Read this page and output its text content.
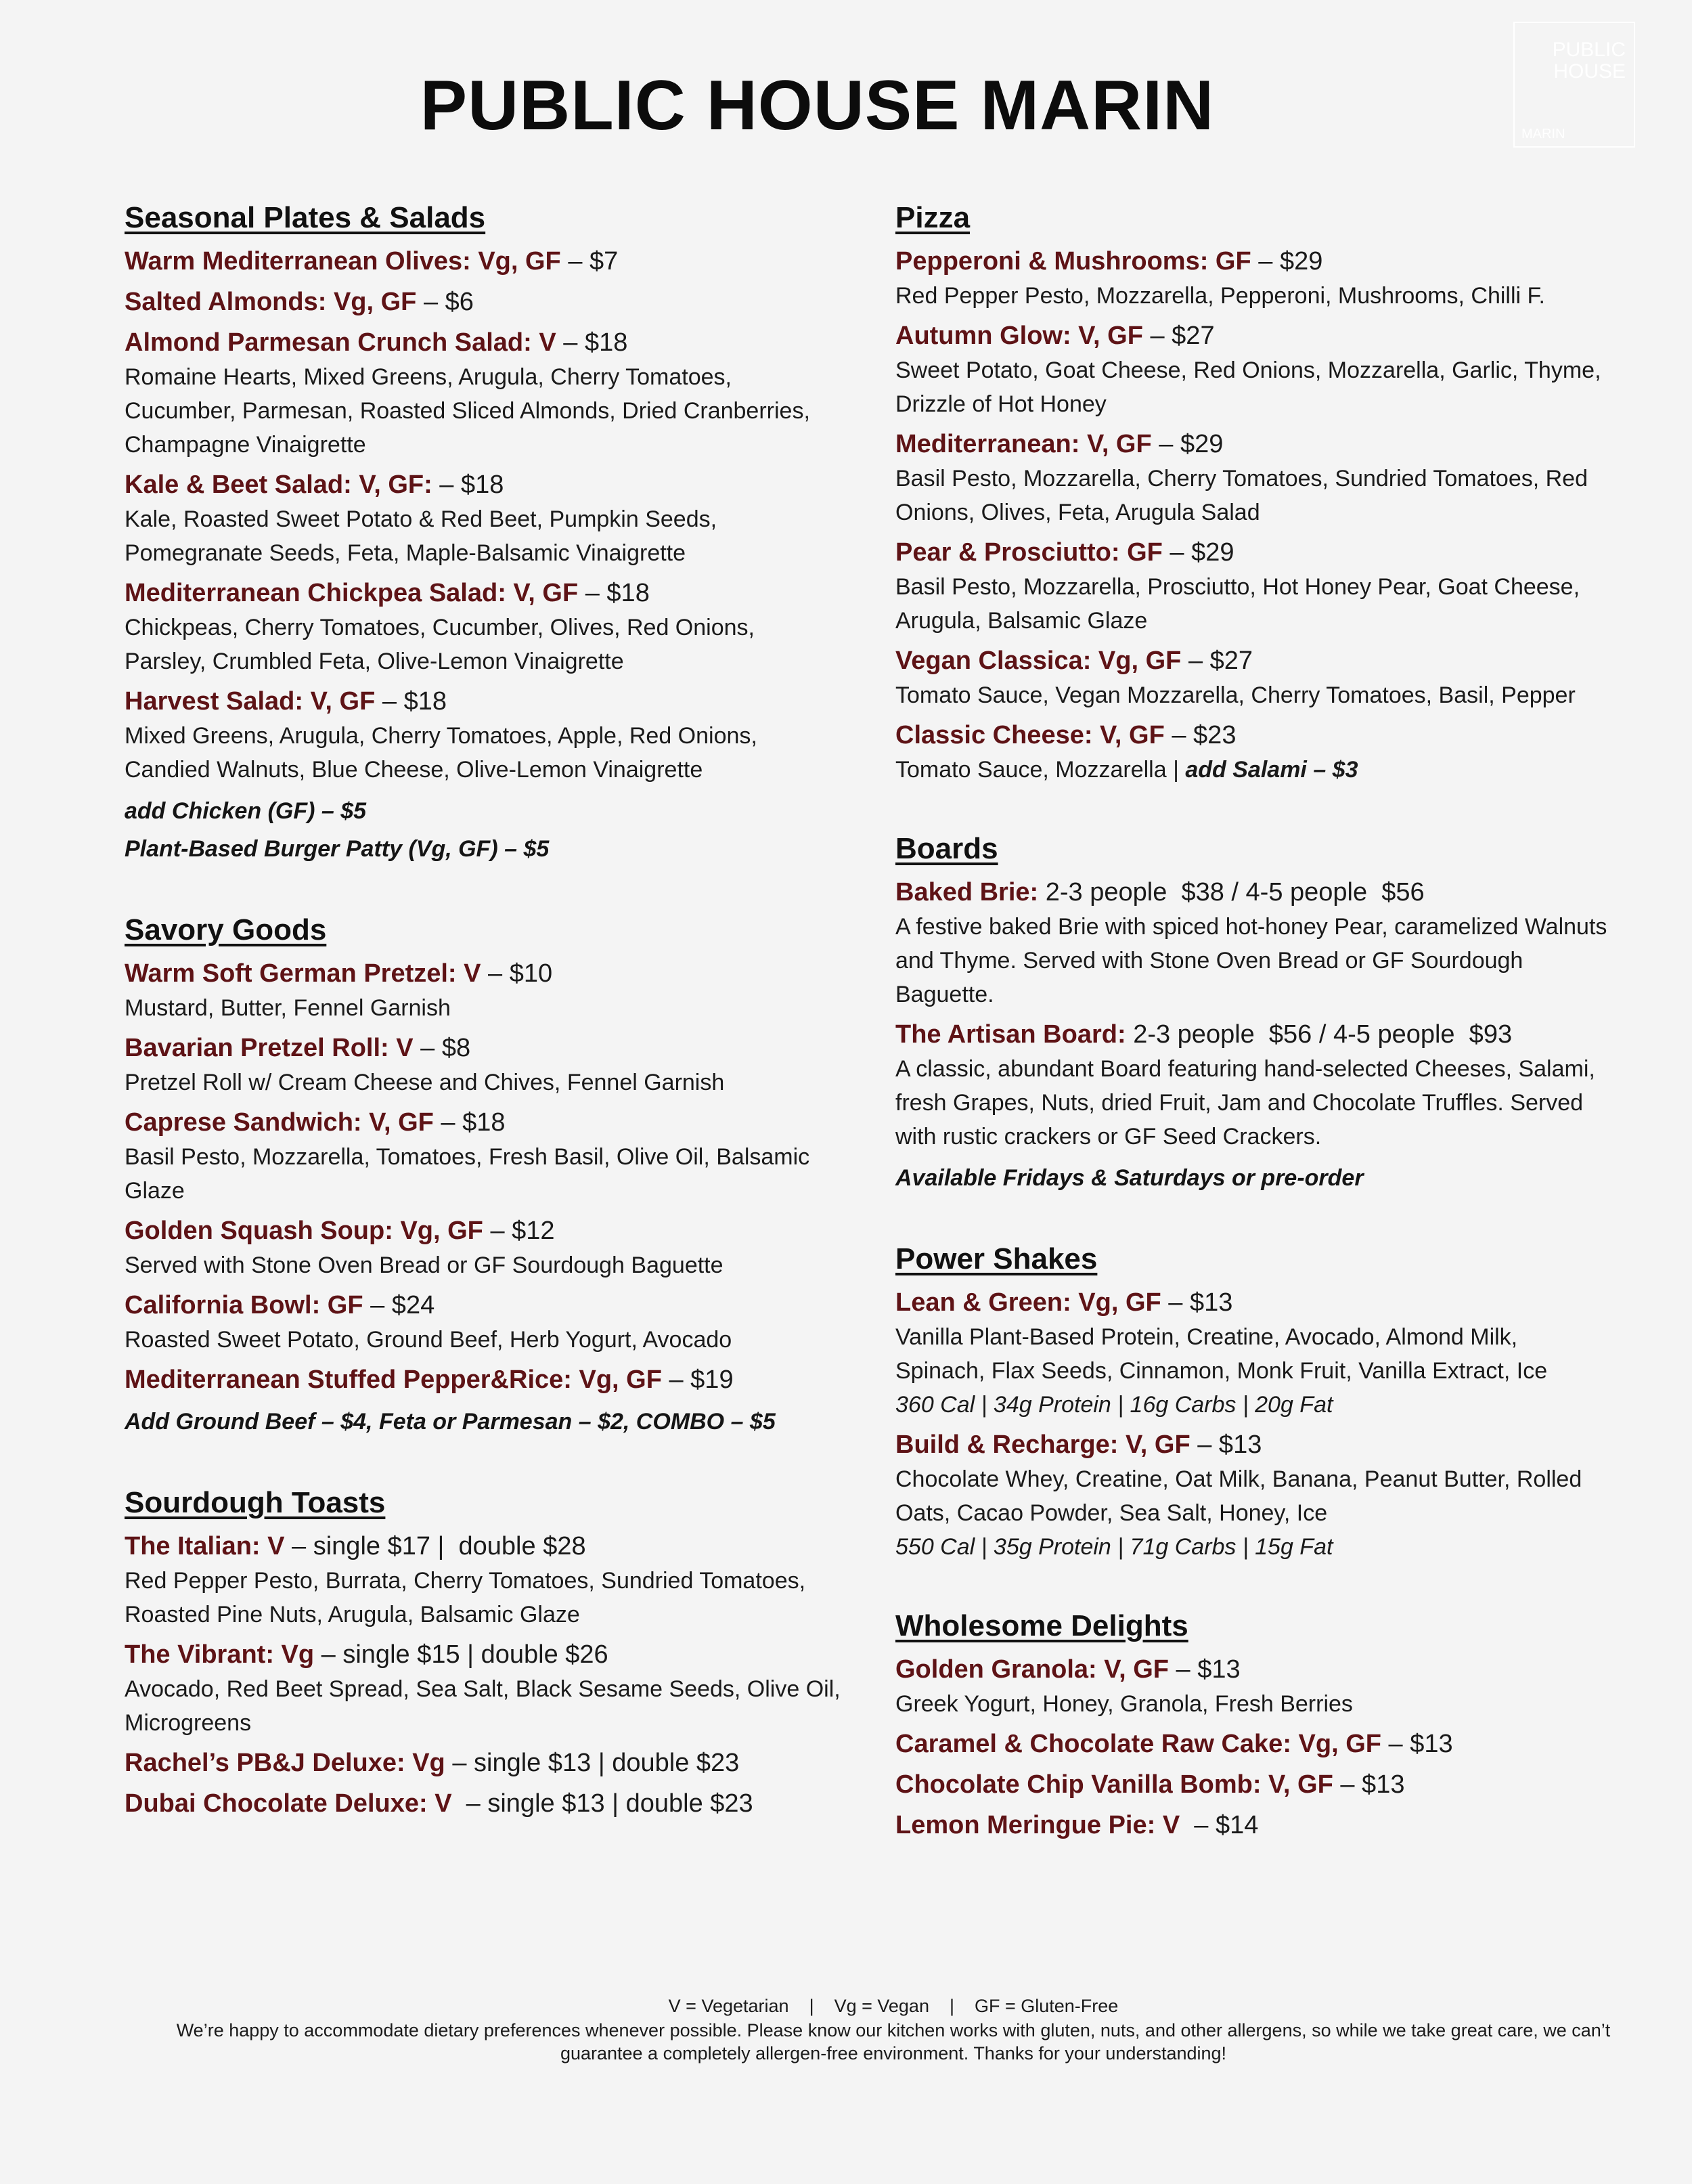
PUBLIC HOUSE MARIN
PUBLIC
HOUSE
MARIN
Seasonal Plates & Salads
Warm Mediterranean Olives: Vg, GF – $7
Salted Almonds: Vg, GF – $6
Almond Parmesan Crunch Salad: V – $18
Romaine Hearts, Mixed Greens, Arugula, Cherry Tomatoes, Cucumber, Parmesan, Roasted Sliced Almonds, Dried Cranberries, Champagne Vinaigrette
Kale & Beet Salad: V, GF: – $18
Kale, Roasted Sweet Potato & Red Beet, Pumpkin Seeds, Pomegranate Seeds, Feta, Maple-Balsamic Vinaigrette
Mediterranean Chickpea Salad: V, GF – $18
Chickpeas, Cherry Tomatoes, Cucumber, Olives, Red Onions, Parsley, Crumbled Feta, Olive-Lemon Vinaigrette
Harvest Salad: V, GF – $18
Mixed Greens, Arugula, Cherry Tomatoes, Apple, Red Onions, Candied Walnuts, Blue Cheese, Olive-Lemon Vinaigrette
add Chicken (GF) – $5
Plant-Based Burger Patty (Vg, GF) – $5
Savory Goods
Warm Soft German Pretzel: V – $10
Mustard, Butter, Fennel Garnish
Bavarian Pretzel Roll: V – $8
Pretzel Roll w/ Cream Cheese and Chives, Fennel Garnish
Caprese Sandwich: V, GF – $18
Basil Pesto, Mozzarella, Tomatoes, Fresh Basil, Olive Oil, Balsamic Glaze
Golden Squash Soup: Vg, GF – $12
Served with Stone Oven Bread or GF Sourdough Baguette
California Bowl: GF – $24
Roasted Sweet Potato, Ground Beef, Herb Yogurt, Avocado
Mediterranean Stuffed Pepper&Rice: Vg, GF – $19
Add Ground Beef – $4, Feta or Parmesan – $2, COMBO – $5
Sourdough Toasts
The Italian: V – single $17 |  double $28
Red Pepper Pesto, Burrata, Cherry Tomatoes, Sundried Tomatoes, Roasted Pine Nuts, Arugula, Balsamic Glaze
The Vibrant: Vg – single $15 | double $26
Avocado, Red Beet Spread, Sea Salt, Black Sesame Seeds, Olive Oil, Microgreens
Rachel’s PB&J Deluxe: Vg – single $13 | double $23
Dubai Chocolate Deluxe: V  – single $13 | double $23
Pizza
Pepperoni & Mushrooms: GF – $29
Red Pepper Pesto, Mozzarella, Pepperoni, Mushrooms, Chilli F.
Autumn Glow: V, GF – $27
Sweet Potato, Goat Cheese, Red Onions, Mozzarella, Garlic, Thyme, Drizzle of Hot Honey
Mediterranean: V, GF – $29
Basil Pesto, Mozzarella, Cherry Tomatoes, Sundried Tomatoes, Red Onions, Olives, Feta, Arugula Salad
Pear & Prosciutto: GF – $29
Basil Pesto, Mozzarella, Prosciutto, Hot Honey Pear, Goat Cheese, Arugula, Balsamic Glaze
Vegan Classica: Vg, GF – $27
Tomato Sauce, Vegan Mozzarella, Cherry Tomatoes, Basil, Pepper
Classic Cheese: V, GF – $23
Tomato Sauce, Mozzarella | add Salami – $3
Boards
Baked Brie: 2-3 people  $38 / 4-5 people  $56
A festive baked Brie with spiced hot-honey Pear, caramelized Walnuts and Thyme. Served with Stone Oven Bread or GF Sourdough Baguette.
The Artisan Board: 2-3 people  $56 / 4-5 people  $93
A classic, abundant Board featuring hand-selected Cheeses, Salami, fresh Grapes, Nuts, dried Fruit, Jam and Chocolate Truffles. Served with rustic crackers or GF Seed Crackers.
Available Fridays & Saturdays or pre-order
Power Shakes
Lean & Green: Vg, GF – $13
Vanilla Plant-Based Protein, Creatine, Avocado, Almond Milk, Spinach, Flax Seeds, Cinnamon, Monk Fruit, Vanilla Extract, Ice
360 Cal | 34g Protein | 16g Carbs | 20g Fat
Build & Recharge: V, GF – $13
Chocolate Whey, Creatine, Oat Milk, Banana, Peanut Butter, Rolled Oats, Cacao Powder, Sea Salt, Honey, Ice
550 Cal | 35g Protein | 71g Carbs | 15g Fat
Wholesome Delights
Golden Granola: V, GF – $13
Greek Yogurt, Honey, Granola, Fresh Berries
Caramel & Chocolate Raw Cake: Vg, GF – $13
Chocolate Chip Vanilla Bomb: V, GF – $13
Lemon Meringue Pie: V  – $14
V = Vegetarian    |    Vg = Vegan    |    GF = Gluten-Free
We’re happy to accommodate dietary preferences whenever possible. Please know our kitchen works with gluten, nuts, and other allergens, so while we take great care, we can’t guarantee a completely allergen-free environment. Thanks for your understanding!
